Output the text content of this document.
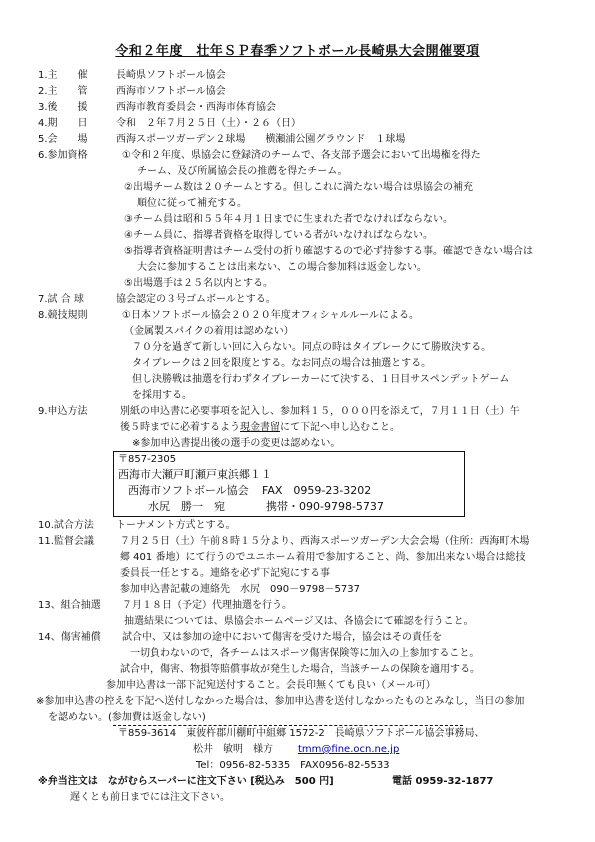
令和２年度　壮年ＳＰ春季ソフトボール長崎県大会開催要項
1.主　　催	長崎県ソフトボール協会
2.主　　管	西海市ソフトボール協会
3.後　　援	西海市教育委員会・西海市体育協会
4.期　　日	令和　２年７月２５日（土）・２６（日）
5.会　　場	西海スポーツガーデン２球場　　横瀬浦公園グラウンド　１球場
6.参加資格	①令和２年度、県協会に登録済のチームで、各支部予選会において出場権を得た
チーム、及び所属協会長の推薦を得たチーム。
②出場チーム数は２０チームとする。但しこれに満たない場合は県協会の補充
順位に従って補充する。
③チーム員は昭和５５年４月１日までに生まれた者でなければならない。
④チーム員に、指導者資格を取得している者がいなければならない。
⑤指導者資格証明書はチーム受付の折り確認するので必ず持参する事。確認できない場合は
大会に参加することは出来ない、この場合参加料は返金しない。
⑤出場選手は２５名以内とする。
7.試 合 球	協会認定の３号ゴムボールとする。
8.競技規則	①日本ソフトボール協会２０２０年度オフィシャルルールによる。
（金属製スパイクの着用は認めない）
７０分を過ぎて新しい回に入らない。同点の時はタイブレークにて勝敗決する。
タイブレークは２回を限度とする。なお同点の場合は抽選とする。
但し決勝戦は抽選を行わずタイブレーカーにて決する、１日目サスペンデットゲーム
を採用する。
9.申込方法	別紙の申込書に必要事項を記入し、参加料１５，０００円を添えて，７月１１日（土）午
後５時までに必着するよう現金書留にて下記へ申し込むこと。
※参加申込書提出後の選手の変更は認めない。
〒857-2305
西海市大瀬戸町瀬戸東浜郷１１
西海市ソフトボール協会 FAX　0959-23-3202
水尻　勝一　宛	携帯・090-9798-5737
10.試合方法 トーナメント方式とする。
11.監督会議	７月２５日（土）午前８時１５分より、西海スポーツガーデン大会会場（住所：西海町木場
郷 401 番地）にて行うのでユニホーム着用で参加すること、尚、参加出来ない場合は総技
委員長一任とする。連絡を必ず下記宛にする事
参加申込書記載の連絡先　水尻　090－9798－5737
13、組合抽選 ７月１８日（予定）代理抽選を行う。
抽選結果については、県協会ホームページ又は、各協会にて確認を行うこと。
14、傷害補償 試合中、又は参加の途中において傷害を受けた場合，協会はその責任を
一切負わないので，各チームはスポーツ傷害保険等に加入の上参加すること。
試合中，傷害、物損等賠償事故が発生した場合，当該チームの保険を適用する。
参加申込書は一部下記宛送付すること。会長印無くても良い（メール可）
※参加申込書の控えを下記へ送付しなかった場合は、参加申込書を送付しなかったものとみなし，当日の参加
を認めない。(参加費は返金しない)
〒859-3614　東彼杵郡川棚町中組郷 1572-2　長崎県ソフトボール協会事務局、
松井　敏明　様方	tmm@fine.ocn.ne.jp
Tel：0956-82-5335　FAX0956-82-5533
※弁当注文は　ながむらスーパーに注文下さい [税込み　500 円]	電話 0959-32-1877
遅くとも前日までには注文下さい。
